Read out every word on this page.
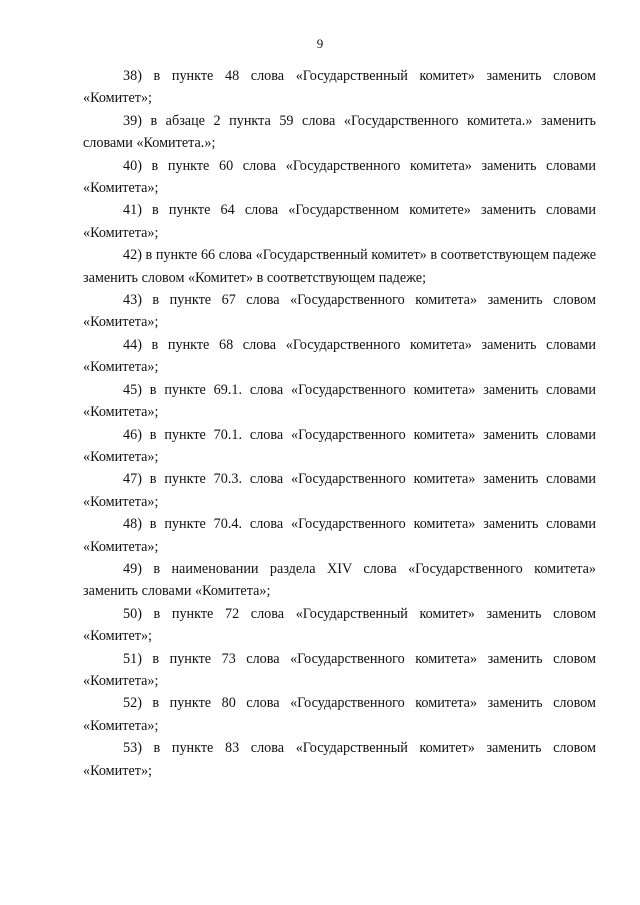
9

38) в пункте 48 слова «Государственный комитет» заменить словом «Комитет»;

39) в абзаце 2 пункта 59 слова «Государственного комитета.» заменить словами «Комитета.»;

40) в пункте 60 слова «Государственного комитета» заменить словами «Комитета»;

41) в пункте 64 слова «Государственном комитете» заменить словами «Комитета»;

42) в пункте 66 слова «Государственный комитет» в соответствующем падеже заменить словом «Комитет» в соответствующем падеже;

43) в пункте 67 слова «Государственного комитета» заменить словом «Комитета»;

44) в пункте 68 слова «Государственного комитета» заменить словами «Комитета»;

45) в пункте 69.1. слова «Государственного комитета» заменить словами «Комитета»;

46) в пункте 70.1. слова «Государственного комитета» заменить словами «Комитета»;

47) в пункте 70.3. слова «Государственного комитета» заменить словами «Комитета»;

48) в пункте 70.4. слова «Государственного комитета» заменить словами «Комитета»;

49) в наименовании раздела XIV слова «Государственного комитета» заменить словами «Комитета»;

50) в пункте 72 слова «Государственный комитет» заменить словом «Комитет»;

51) в пункте 73 слова «Государственного комитета» заменить словом «Комитета»;

52) в пункте 80 слова «Государственного комитета» заменить словом «Комитета»;

53) в пункте 83 слова «Государственный комитет» заменить словом «Комитет»;
